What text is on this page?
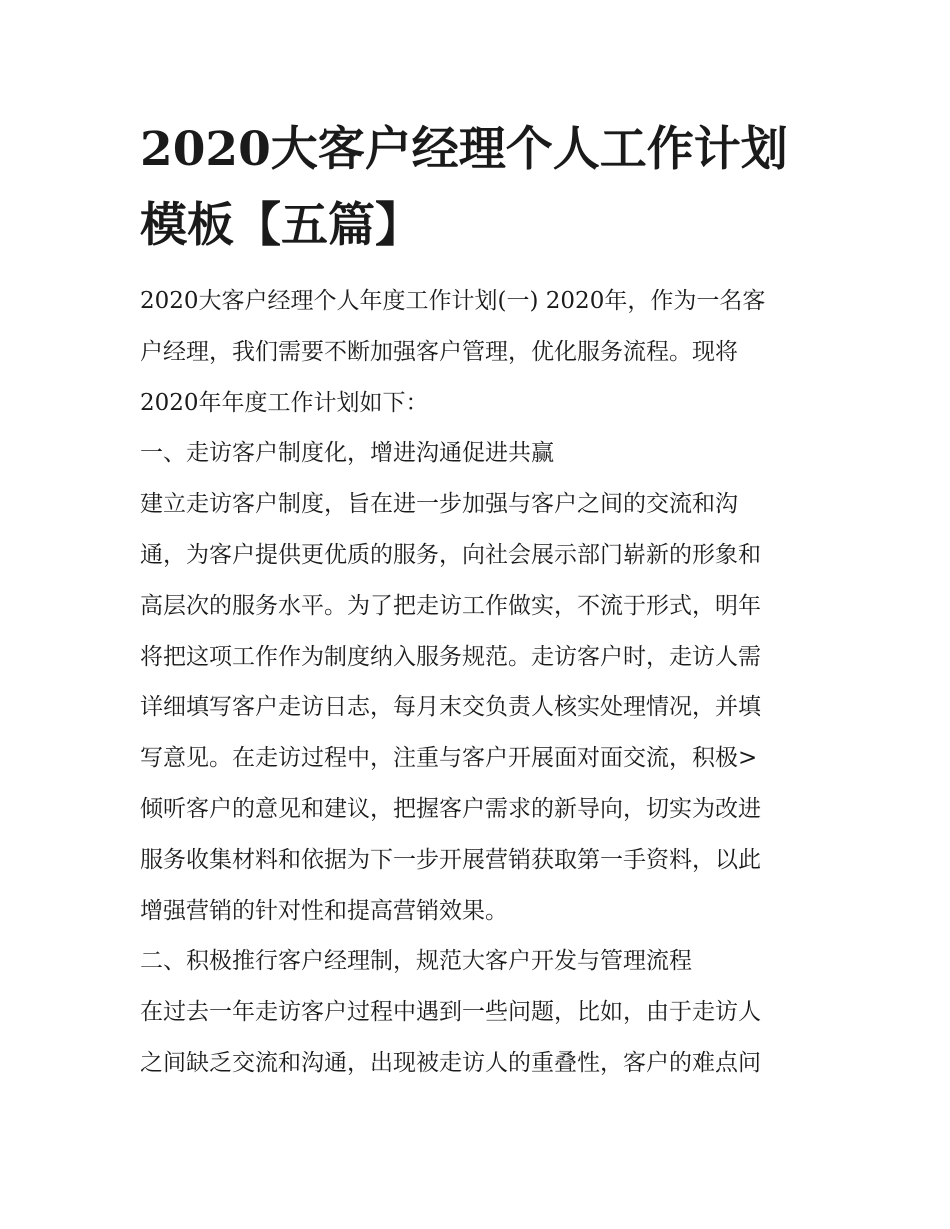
2020大客户经理个人工作计划
模板【五篇】
2020大客户经理个人年度工作计划(一) 2020年，作为一名客
户经理，我们需要不断加强客户管理，优化服务流程。现将
2020年年度工作计划如下：
一、走访客户制度化，增进沟通促进共赢
建立走访客户制度，旨在进一步加强与客户之间的交流和沟
通，为客户提供更优质的服务，向社会展示部门崭新的形象和
高层次的服务水平。为了把走访工作做实，不流于形式，明年
将把这项工作作为制度纳入服务规范。走访客户时，走访人需
详细填写客户走访日志，每月末交负责人核实处理情况，并填
写意见。在走访过程中，注重与客户开展面对面交流，积极>
倾听客户的意见和建议，把握客户需求的新导向，切实为改进
服务收集材料和依据为下一步开展营销获取第一手资料，以此
增强营销的针对性和提高营销效果。
二、积极推行客户经理制，规范大客户开发与管理流程
在过去一年走访客户过程中遇到一些问题，比如，由于走访人
之间缺乏交流和沟通，出现被走访人的重叠性，客户的难点问
